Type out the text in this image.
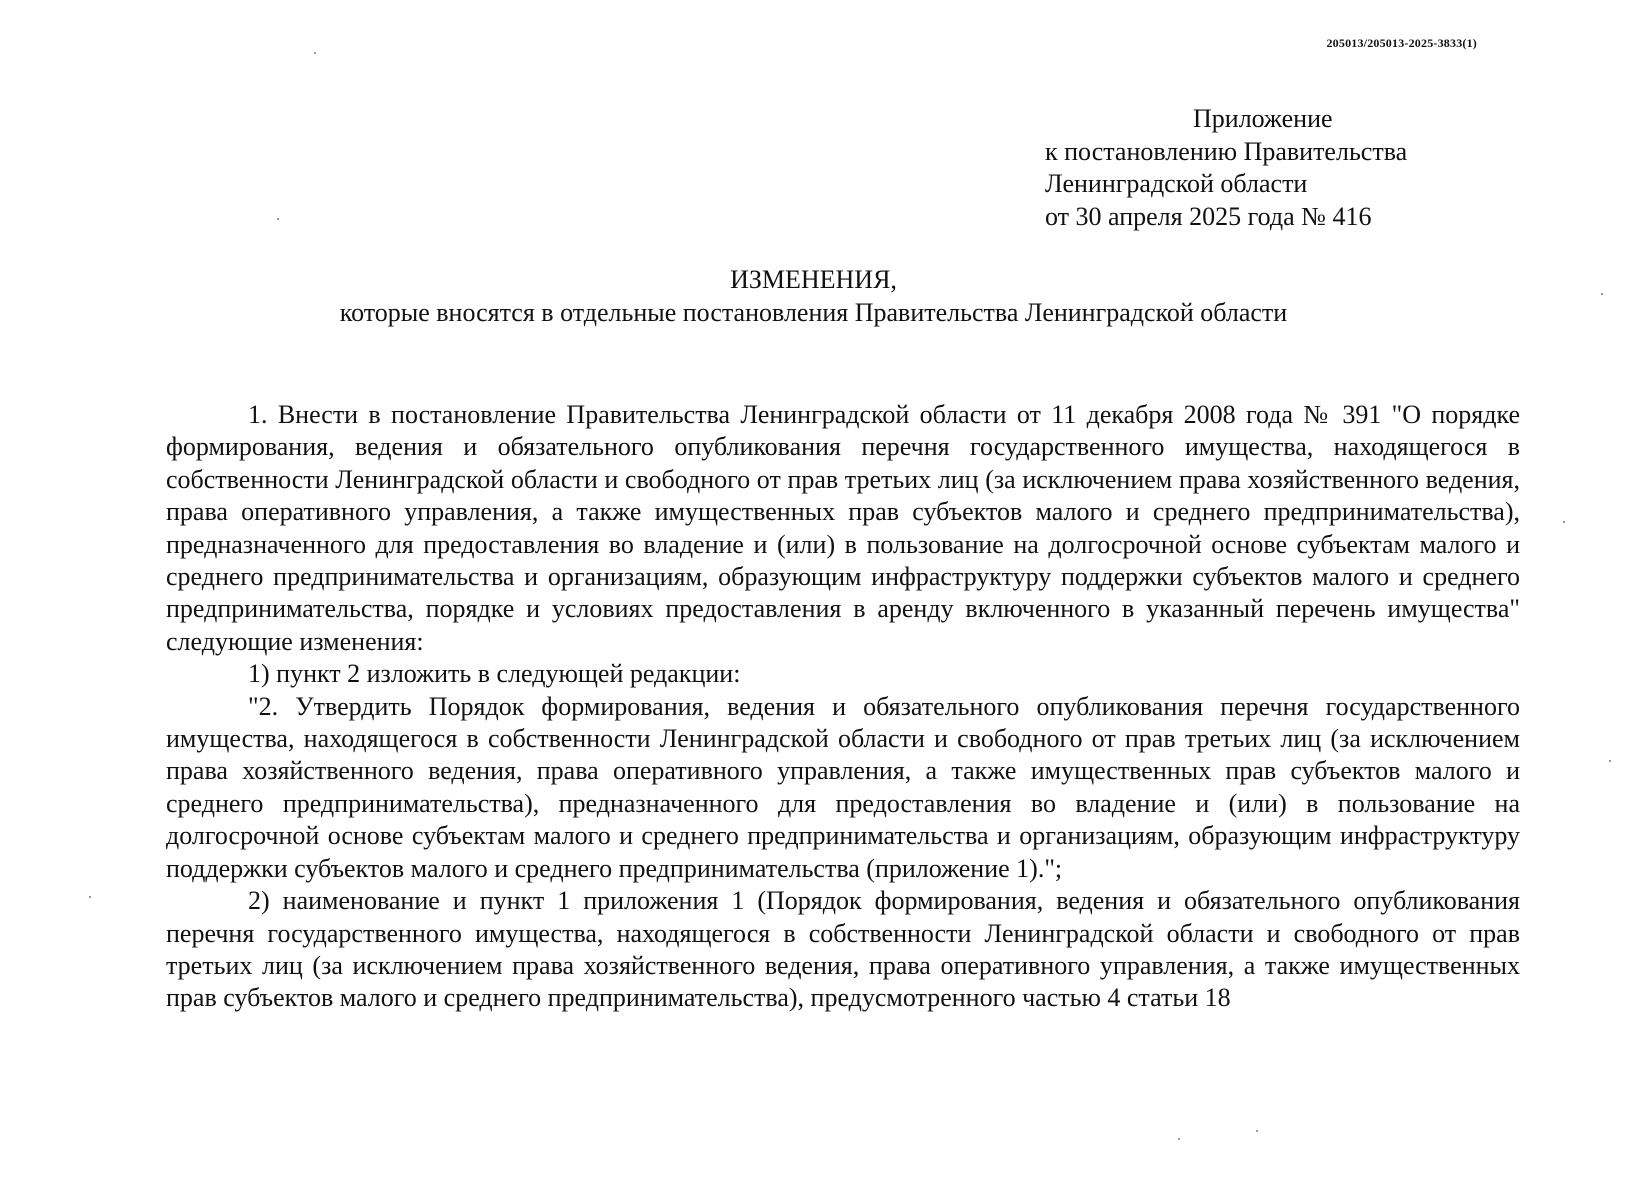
205013/205013-2025-3833(1)
Приложение
к постановлению Правительства
Ленинградской области
от 30 апреля 2025 года № 416
ИЗМЕНЕНИЯ,
которые вносятся в отдельные постановления Правительства Ленинградской области

1. Внести в постановление Правительства Ленинградской области от 11 декабря 2008 года № 391 "О порядке формирования, ведения и обязательного опубликования перечня государственного имущества, находящегося в собственности Ленинградской области и свободного от прав третьих лиц (за исключением права хозяйственного ведения, права оперативного управления, а также имущественных прав субъектов малого и среднего предпринимательства), предназначенного для предоставления во владение и (или) в пользование на долгосрочной основе субъектам малого и среднего предпринимательства и организациям, образующим инфраструктуру поддержки субъектов малого и среднего предпринимательства, порядке и условиях предоставления в аренду включенного в указанный перечень имущества" следующие изменения:

1) пункт 2 изложить в следующей редакции:

"2. Утвердить Порядок формирования, ведения и обязательного опубликования перечня государственного имущества, находящегося в собственности Ленинградской области и свободного от прав третьих лиц (за исключением права хозяйственного ведения, права оперативного управления, а также имущественных прав субъектов малого и среднего предпринимательства), предназначенного для предоставления во владение и (или) в пользование на долгосрочной основе субъектам малого и среднего предпринимательства и организациям, образующим инфраструктуру поддержки субъектов малого и среднего предпринимательства (приложение 1).";

2) наименование и пункт 1 приложения 1 (Порядок формирования, ведения и обязательного опубликования перечня государственного имущества, находящегося в собственности Ленинградской области и свободного от прав третьих лиц (за исключением права хозяйственного ведения, права оперативного управления, а также имущественных прав субъектов малого и среднего предпринимательства), предусмотренного частью 4 статьи 18
